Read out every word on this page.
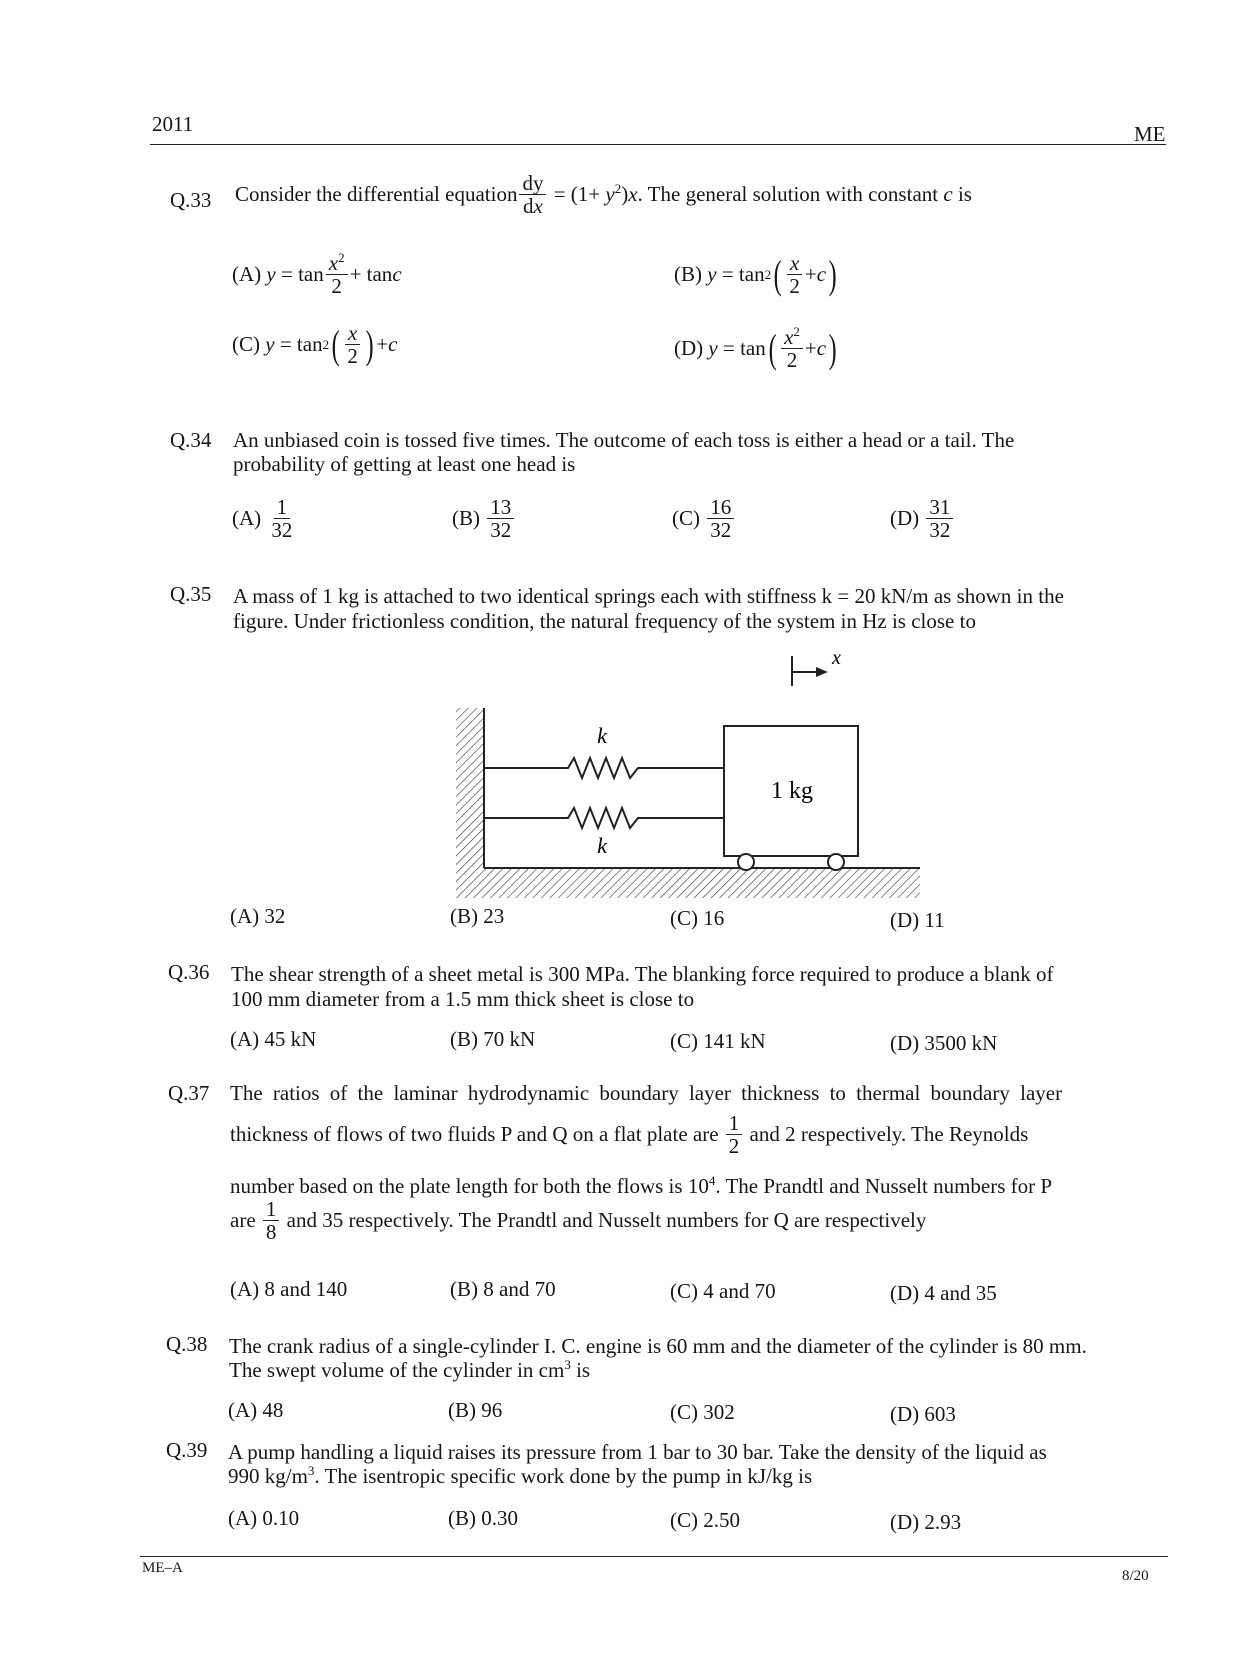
2011	ME
Q.33 Consider the differential equation $\frac{dy}{dx} = (1+ y^2)x$ . The general solution with constant c is
(A)
$y = \tan \frac{x^2}{2} + \tan c$	(B)
y = tan 2 ( $\frac{x}{2} + c$ )
(C)
y = tan 2 ( $\frac{x}{2}$ ) + c	(D)
y = tan ( $\frac{x^2}{2} + c$ )
Q.34 An unbiased coin is tossed five times. The outcome of each toss is either a head or a tail. The
probability of getting at least one head is
(A)
$\frac{1}{32}$	(B)
$\frac{13}{32}$	(C)
$\frac{16}{32}$	(D)
$\frac{31}{32}$
Q.35 A mass of 1 kg is attached to two identical springs each with stiffness k = 20 kN/m as shown in the
figure. Under frictionless condition, the natural frequency of the system in Hz is close to
k
k
1 kg
x
(A) 32	(B) 23	(C) 16	(D) 11
Q.36 The shear strength of a sheet metal is 300 MPa. The blanking force required to produce a blank of
100 mm diameter from a 1.5 mm thick sheet is close to
(A) 45 kN	(B) 70 kN	(C) 141 kN	(D) 3500 kN
Q.37 The ratios of the laminar hydrodynamic boundary layer thickness to thermal boundary layer
thickness of flows of two fluids P and Q on a flat plate are
$\frac{1}{2}$
and 2 respectively. The Reynolds
number based on the plate length for both the flows is $10^4$. The Prandtl and Nusselt numbers for P
are
$\frac{1}{8}$
and 35 respectively. The Prandtl and Nusselt numbers for Q are respectively
(A) 8 and 140	(B) 8 and 70	(C) 4 and 70	(D) 4 and 35
Q.38 The crank radius of a single-cylinder I. C. engine is 60 mm and the diameter of the cylinder is 80 mm.
The swept volume of the cylinder in $cm^3$ is
(A) 48	(B) 96	(C) 302	(D) 603
Q.39 A pump handling a liquid raises its pressure from 1 bar to 30 bar. Take the density of the liquid as
990 $kg/m^3$. The isentropic specific work done by the pump in kJ/kg is
(A) 0.10	(B) 0.30	(C) 2.50	(D) 2.93
ME–A	8/20
